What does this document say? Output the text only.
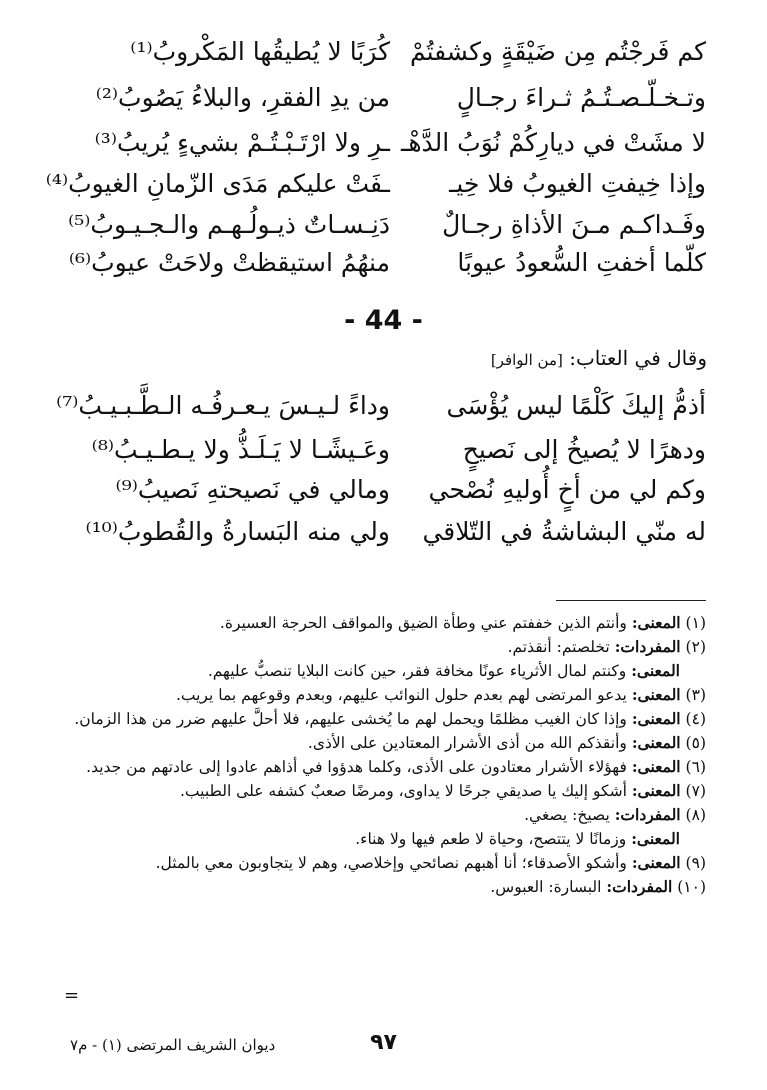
كم فَرجْتُم مِن ضَيْقَةٍ وكشفتُمْ
كُرَبًا لا يُطيقُها المَكْروبُ⁽¹⁾
وتـخـلّـصـتُـمُ ثـراءَ رجـالٍ
من يدِ الفقرِ، والبلاءُ يَصُوبُ⁽²⁾
لا مشَتْ في ديارِكُمْ نُوَبُ الدَّهْـ
ـرِ ولا ارْتَـبْـتُـمْ بشيءٍ يُريبُ⁽³⁾
وإذا خِيفتِ الغيوبُ فلا خِيـ
ـفَتْ عليكم مَدَى الزّمانِ الغيوبُ⁽⁴⁾
وفَـداكـم مـنَ الأذاةِ رجـالٌ
دَنِـسـاتٌ ذيـولُـهـم والـجـيـوبُ⁽⁵⁾
كلّما أخفتِ السُّعودُ عيوبًا
منهُمُ استيقظتْ ولاحَتْ عيوبُ⁽⁶⁾
- 44 -
وقال في العتاب: [من الوافر]
أذمُّ إليكَ كَلْمًا ليس يُؤْسَى
وداءً لـيـسَ يـعـرفُـه الـطَّـبـيـبُ⁽⁷⁾
ودهرًا لا يُصيخُ إلى نَصيحٍ
وعَـيشًـا لا يَـلَـذُّ ولا يـطـيـبُ⁽⁸⁾
وكم لي من أخٍ أُوليهِ نُصْحي
ومالي في نَصيحتهِ نَصيبُ⁽⁹⁾
له منّي البشاشةُ في التّلاقي
ولي منه البَسارةُ والقُطوبُ⁽¹⁰⁾
(١) المعنى: وأنتم الذين خففتم عني وطأة الضيق والمواقف الحرجة العسيرة.
(٢) المفردات: تخلصتم: أنقذتم.
المعنى: وكنتم لمال الأثرياء عونًا مخافة فقر، حين كانت البلايا تنصبُّ عليهم.
(٣) المعنى: يدعو المرتضى لهم بعدم حلول النوائب عليهم، وبعدم وقوعهم بما يريب.
(٤) المعنى: وإذا كان الغيب مظلمًا ويحمل لهم ما يُخشى عليهم، فلا أحلَّ عليهم ضرر من هذا الزمان.
(٥) المعنى: وأنقذكم الله من أذى الأشرار المعتادين على الأذى.
(٦) المعنى: فهؤلاء الأشرار معتادون على الأذى، وكلما هدؤوا في أذاهم عادوا إلى عادتهم من جديد.
(٧) المعنى: أشكو إليك يا صديقي جرحًا لا يداوى، ومرضًا صعبٌ كشفه على الطبيب.
(٨) المفردات: يصيخ: يصغي.
المعنى: وزمانًا لا يتتصح، وحياة لا طعم فيها ولا هناء.
(٩) المعنى: وأشكو الأصدقاء؛ أنا أهبهم نصائحي وإخلاصي، وهم لا يتجاوبون معي بالمثل.
(١٠) المفردات: البسارة: العبوس.
=
٩٧
ديوان الشريف المرتضى (١) - م٧
